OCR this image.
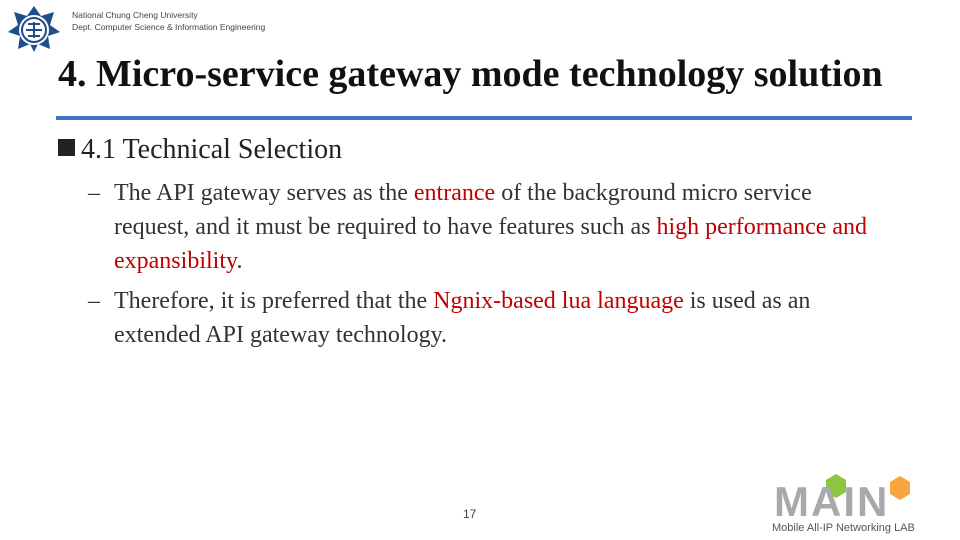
National Chung Cheng University
Dept. Computer Science & Information Engineering
4. Micro-service gateway mode technology solution
4.1 Technical Selection
– The API gateway serves as the entrance of the background micro service request, and it must be required to have features such as high performance and expansibility.
– Therefore, it is preferred that the Ngnix-based lua language is used as an extended API gateway technology.
17	MAIN
Mobile All-IP Networking LAB
